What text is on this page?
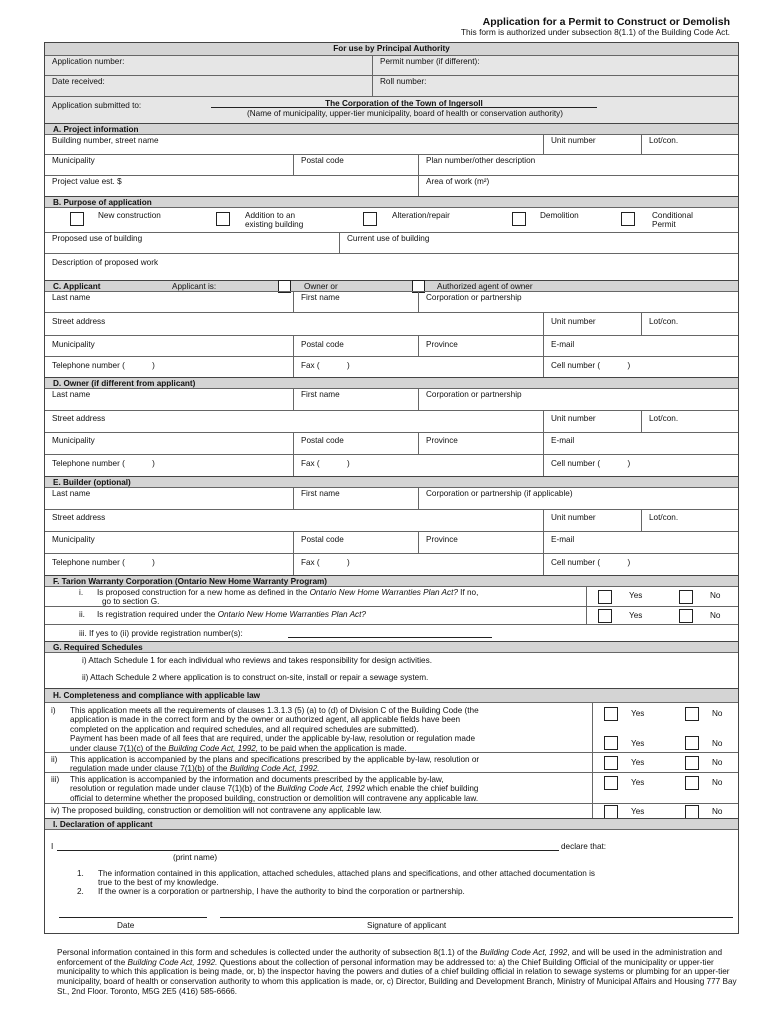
Application for a Permit to Construct or Demolish
This form is authorized under subsection 8(1.1) of the Building Code Act.
For use by Principal Authority
Application number:	Permit number (if different):
Date received:	Roll number:
Application submitted to:	The Corporation of the Town of Ingersoll
(Name of municipality, upper-tier municipality, board of health or conservation authority)
A. Project information
Building number, street name	Unit number	Lot/con.
Municipality	Postal code	Plan number/other description
Project value est. $	Area of work (m²)
B. Purpose of application
New construction	Addition to an
existing building
Alteration/repair	Demolition	Conditional
Permit
Proposed use of building	Current use of building
Description of proposed work
C. Applicant	Applicant is:	Owner or	Authorized agent of owner
Last name	First name	Corporation or partnership
Street address	Unit number	Lot/con.
Municipality	Postal code	Province	E-mail
Telephone number (            )	Fax (            )	Cell number (            )
D. Owner (if different from applicant)
Last name	First name	Corporation or partnership
Street address	Unit number	Lot/con.
Municipality	Postal code	Province	E-mail
Telephone number (            )	Fax (            )	Cell number (            )
E. Builder (optional)
Last name	First name	Corporation or partnership (if applicable)
Street address	Unit number	Lot/con.
Municipality	Postal code	Province	E-mail
Telephone number (            )	Fax (            )	Cell number (            )
F. Tarion Warranty Corporation (Ontario New Home Warranty Program)
i. Is proposed construction for a new home as defined in the Ontario New Home Warranties Plan Act? If no,
go to section G.
Yes	No
ii. Is registration required under the Ontario New Home Warranties Plan Act?	Yes	No
iii. If yes to (ii) provide registration number(s):
G. Required Schedules
i) Attach Schedule 1 for each individual who reviews and takes responsibility for design activities.
ii) Attach Schedule 2 where application is to construct on-site, install or repair a sewage system.
H. Completeness and compliance with applicable law
i) This application meets all the requirements of clauses 1.3.1.3 (5) (a) to (d) of Division C of the Building Code (the
application is made in the correct form and by the owner or authorized agent, all applicable fields have been
completed on the application and required schedules, and all required schedules are submitted).
Payment has been made of all fees that are required, under the applicable by-law, resolution or regulation made
under clause 7(1)(c) of the Building Code Act, 1992, to be paid when the application is made.
Yes	No
Yes	No
ii) This application is accompanied by the plans and specifications prescribed by the applicable by-law, resolution or
regulation made under clause 7(1)(b) of the Building Code Act, 1992.
Yes	No
iii) This application is accompanied by the information and documents prescribed by the applicable by-law,
resolution or regulation made under clause 7(1)(b) of the Building Code Act, 1992 which enable the chief building
official to determine whether the proposed building, construction or demolition will contravene any applicable law.
Yes	No
iv) The proposed building, construction or demolition will not contravene any applicable law.	Yes	No
I. Declaration of applicant
I	declare that:
(print name)
1. The information contained in this application, attached schedules, attached plans and specifications, and other attached documentation is
true to the best of my knowledge.
2. If the owner is a corporation or partnership, I have the authority to bind the corporation or partnership.
Date	Signature of applicant
Personal information contained in this form and schedules is collected under the authority of subsection 8(1.1) of the Building Code Act, 1992, and will be used in the administration and enforcement of the Building Code Act, 1992. Questions about the collection of personal information may be addressed to: a) the Chief Building Official of the municipality or upper-tier municipality to which this application is being made, or, b) the inspector having the powers and duties of a chief building official in relation to sewage systems or plumbing for an upper-tier municipality, board of health or conservation authority to whom this application is made, or, c) Director, Building and Development Branch, Ministry of Municipal Affairs and Housing 777 Bay St., 2nd Floor. Toronto, M5G 2E5 (416) 585-6666.
